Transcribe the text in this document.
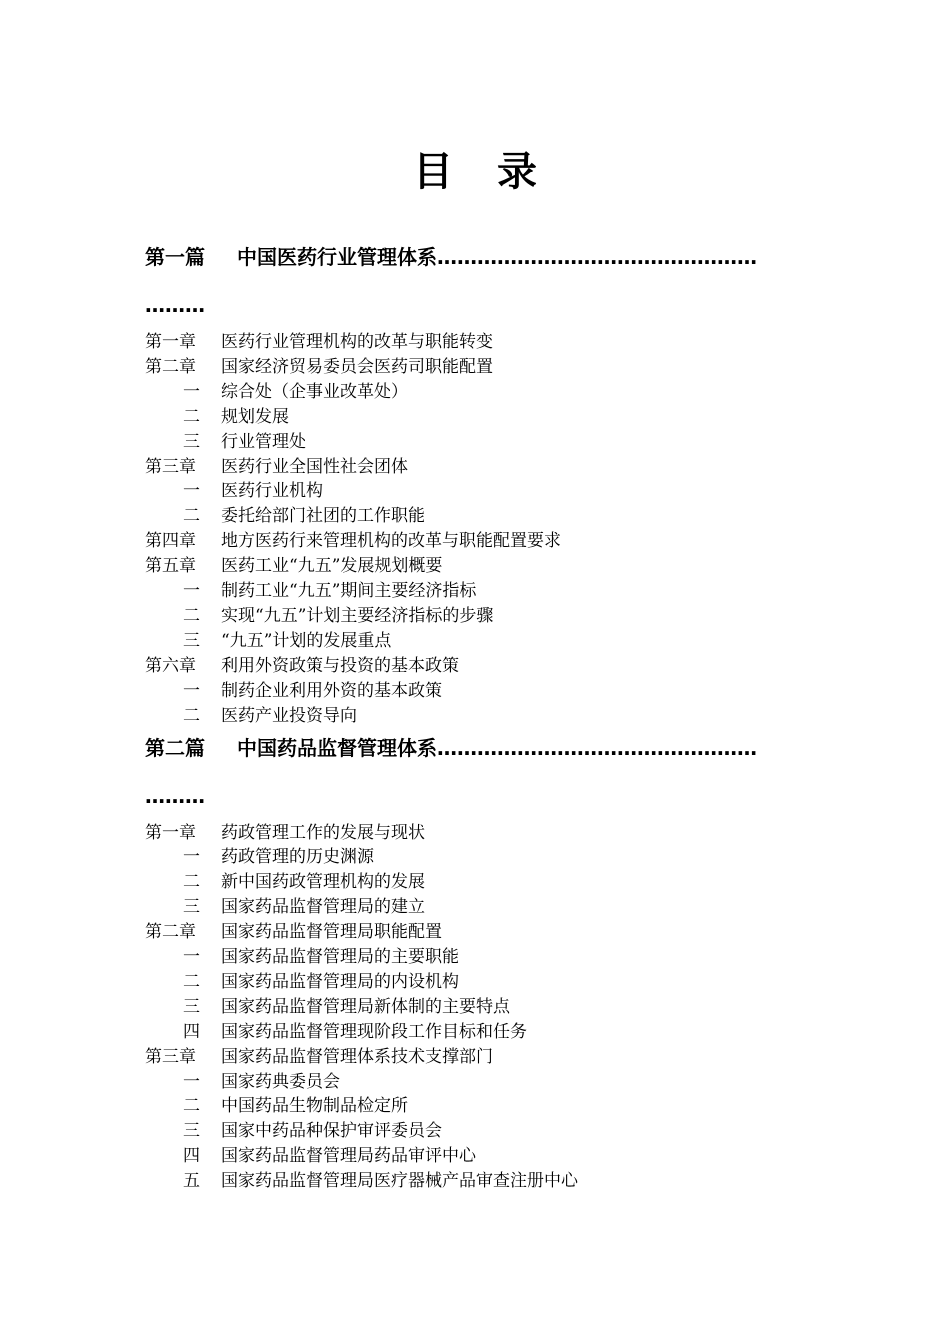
目 录
第一篇 中国医药行业管理体系…………………………………………
………
第一章 医药行业管理机构的改革与职能转变
第二章 国家经济贸易委员会医药司职能配置
一 综合处（企事业改革处）
二 规划发展
三 行业管理处
第三章 医药行业全国性社会团体
一 医药行业机构
二 委托给部门社团的工作职能
第四章 地方医药行来管理机构的改革与职能配置要求
第五章 医药工业“九五”发展规划概要
一 制药工业“九五”期间主要经济指标
二 实现“九五”计划主要经济指标的步骤
三 “九五”计划的发展重点
第六章 利用外资政策与投资的基本政策
一 制药企业利用外资的基本政策
二 医药产业投资导向
第二篇 中国药品监督管理体系…………………………………………
………
第一章 药政管理工作的发展与现状
一 药政管理的历史渊源
二 新中国药政管理机构的发展
三 国家药品监督管理局的建立
第二章 国家药品监督管理局职能配置
一 国家药品监督管理局的主要职能
二 国家药品监督管理局的内设机构
三 国家药品监督管理局新体制的主要特点
四 国家药品监督管理现阶段工作目标和任务
第三章 国家药品监督管理体系技术支撑部门
一 国家药典委员会
二 中国药品生物制品检定所
三 国家中药品种保护审评委员会
四 国家药品监督管理局药品审评中心
五 国家药品监督管理局医疗器械产品审查注册中心
